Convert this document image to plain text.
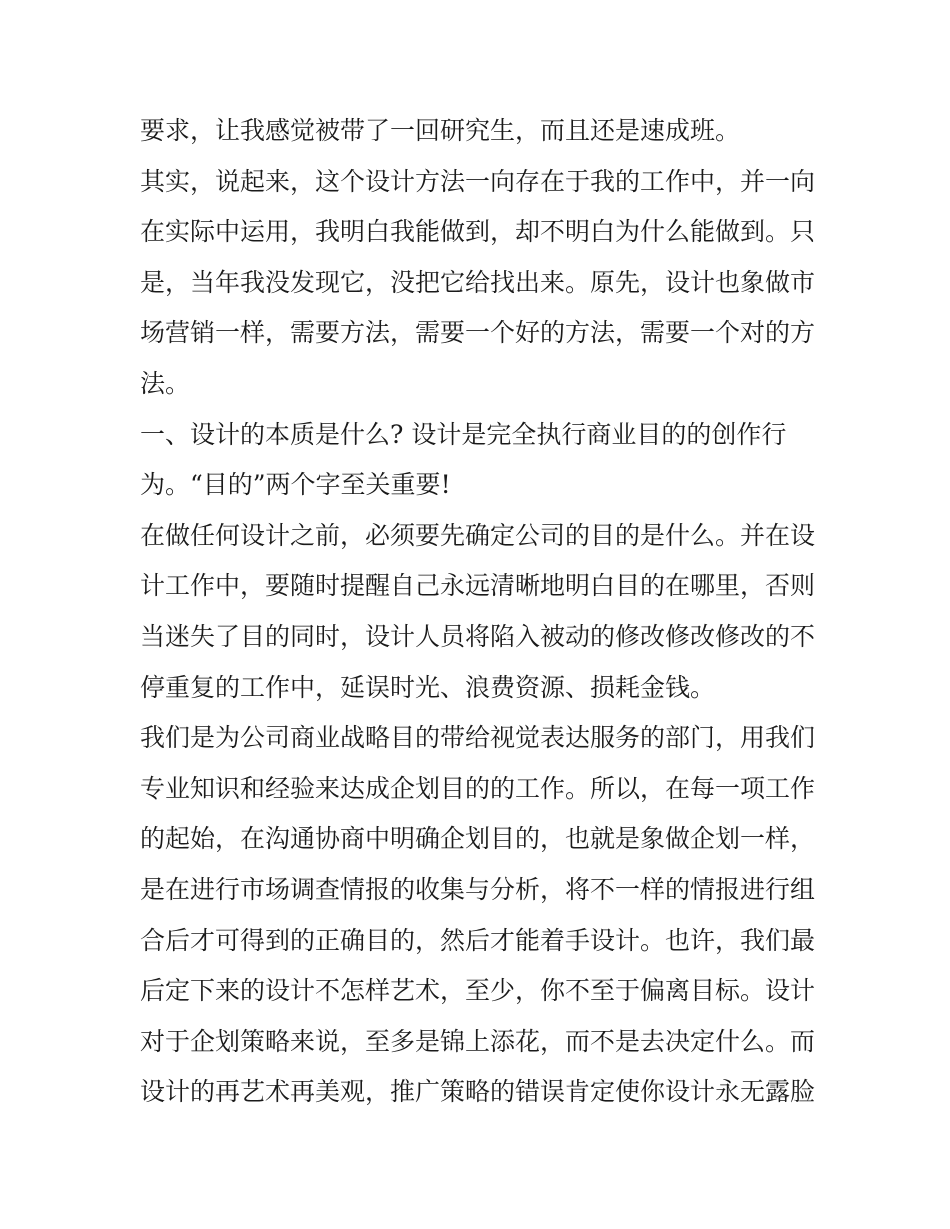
要求，让我感觉被带了一回研究生，而且还是速成班。
其实，说起来，这个设计方法一向存在于我的工作中，并一向
在实际中运用，我明白我能做到，却不明白为什么能做到。只
是，当年我没发现它，没把它给找出来。原先，设计也象做市
场营销一样，需要方法，需要一个好的方法，需要一个对的方
法。
一、设计的本质是什么? 设计是完全执行商业目的的创作行
为。“目的”两个字至关重要!
在做任何设计之前，必须要先确定公司的目的是什么。并在设
计工作中，要随时提醒自己永远清晰地明白目的在哪里，否则
当迷失了目的同时，设计人员将陷入被动的修改修改修改的不
停重复的工作中，延误时光、浪费资源、损耗金钱。
我们是为公司商业战略目的带给视觉表达服务的部门，用我们
专业知识和经验来达成企划目的的工作。所以，在每一项工作
的起始，在沟通协商中明确企划目的，也就是象做企划一样，
是在进行市场调查情报的收集与分析，将不一样的情报进行组
合后才可得到的正确目的，然后才能着手设计。也许，我们最
后定下来的设计不怎样艺术，至少，你不至于偏离目标。设计
对于企划策略来说，至多是锦上添花，而不是去决定什么。而
设计的再艺术再美观，推广策略的错误肯定使你设计永无露脸
